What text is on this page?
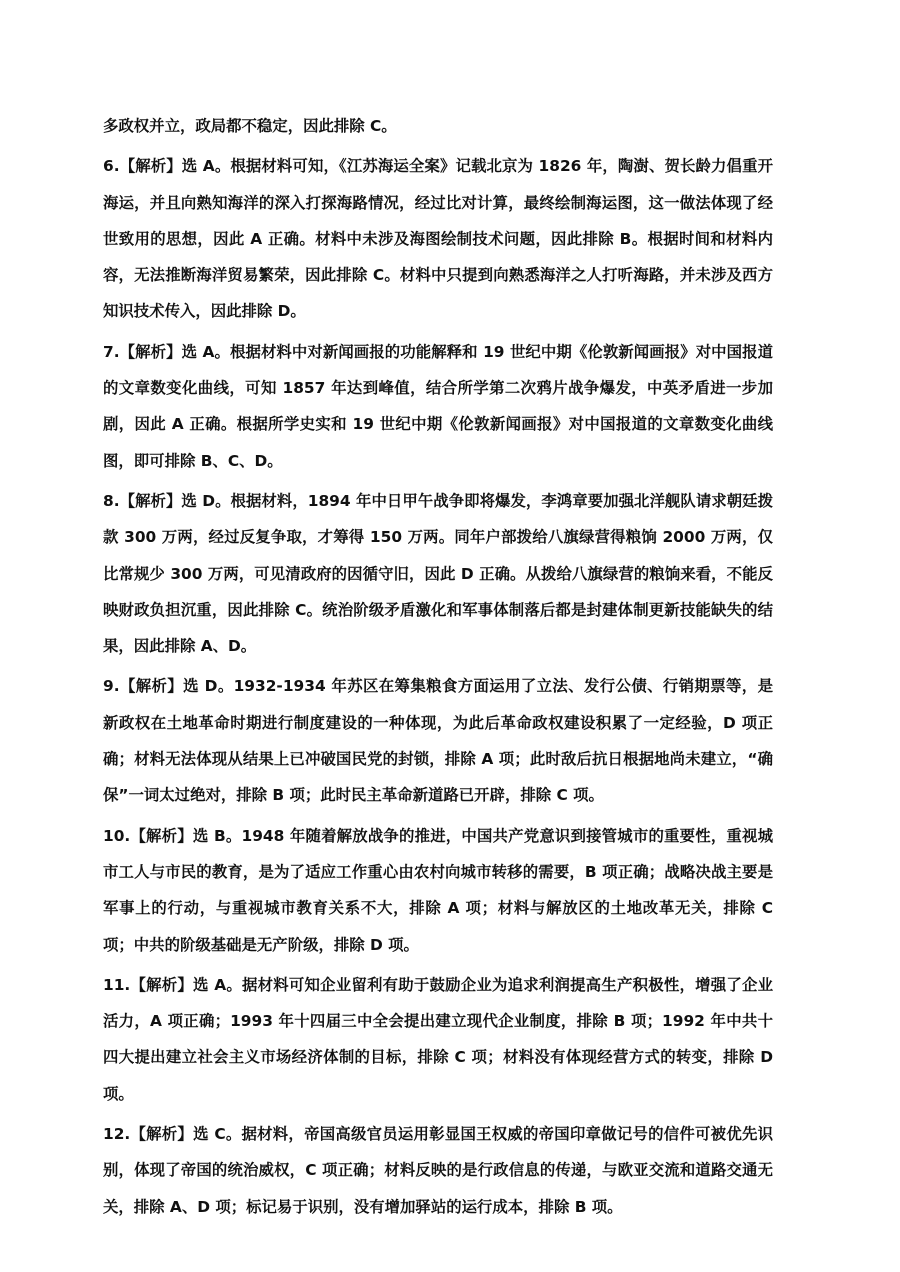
多政权并立，政局都不稳定，因此排除 C。

6.【解析】选 A。根据材料可知，《江苏海运全案》记载北京为 1826 年，陶澍、贺长龄力倡重开海运，并且向熟知海洋的深入打探海路情况，经过比对计算，最终绘制海运图，这一做法体现了经世致用的思想，因此 A 正确。材料中未涉及海图绘制技术问题，因此排除 B。根据时间和材料内容，无法推断海洋贸易繁荣，因此排除 C。材料中只提到向熟悉海洋之人打听海路，并未涉及西方知识技术传入，因此排除 D。

7.【解析】选 A。根据材料中对新闻画报的功能解释和 19 世纪中期《伦敦新闻画报》对中国报道的文章数变化曲线，可知 1857 年达到峰值，结合所学第二次鸦片战争爆发，中英矛盾进一步加剧，因此 A 正确。根据所学史实和 19 世纪中期《伦敦新闻画报》对中国报道的文章数变化曲线图，即可排除 B、C、D。

8.【解析】选 D。根据材料，1894 年中日甲午战争即将爆发，李鸿章要加强北洋舰队请求朝廷拨款 300 万两，经过反复争取，才筹得 150 万两。同年户部拨给八旗绿营得粮饷 2000 万两，仅比常规少 300 万两，可见清政府的因循守旧，因此 D 正确。从拨给八旗绿营的粮饷来看，不能反映财政负担沉重，因此排除 C。统治阶级矛盾激化和军事体制落后都是封建体制更新技能缺失的结果，因此排除 A、D。

9.【解析】选 D。1932-1934 年苏区在筹集粮食方面运用了立法、发行公债、行销期票等，是新政权在土地革命时期进行制度建设的一种体现，为此后革命政权建设积累了一定经验，D 项正确；材料无法体现从结果上已冲破国民党的封锁，排除 A 项；此时敌后抗日根据地尚未建立，“确保”一词太过绝对，排除 B 项；此时民主革命新道路已开辟，排除 C 项。

10.【解析】选 B。1948 年随着解放战争的推进，中国共产党意识到接管城市的重要性，重视城市工人与市民的教育，是为了适应工作重心由农村向城市转移的需要，B 项正确；战略决战主要是军事上的行动，与重视城市教育关系不大，排除 A 项；材料与解放区的土地改革无关，排除 C 项；中共的阶级基础是无产阶级，排除 D 项。

11.【解析】选 A。据材料可知企业留利有助于鼓励企业为追求利润提高生产积极性，增强了企业活力，A 项正确；1993 年十四届三中全会提出建立现代企业制度，排除 B 项；1992 年中共十四大提出建立社会主义市场经济体制的目标，排除 C 项；材料没有体现经营方式的转变，排除 D 项。

12.【解析】选 C。据材料，帝国高级官员运用彰显国王权威的帝国印章做记号的信件可被优先识别，体现了帝国的统治威权，C 项正确；材料反映的是行政信息的传递，与欧亚交流和道路交通无关，排除 A、D 项；标记易于识别，没有增加驿站的运行成本，排除 B 项。
